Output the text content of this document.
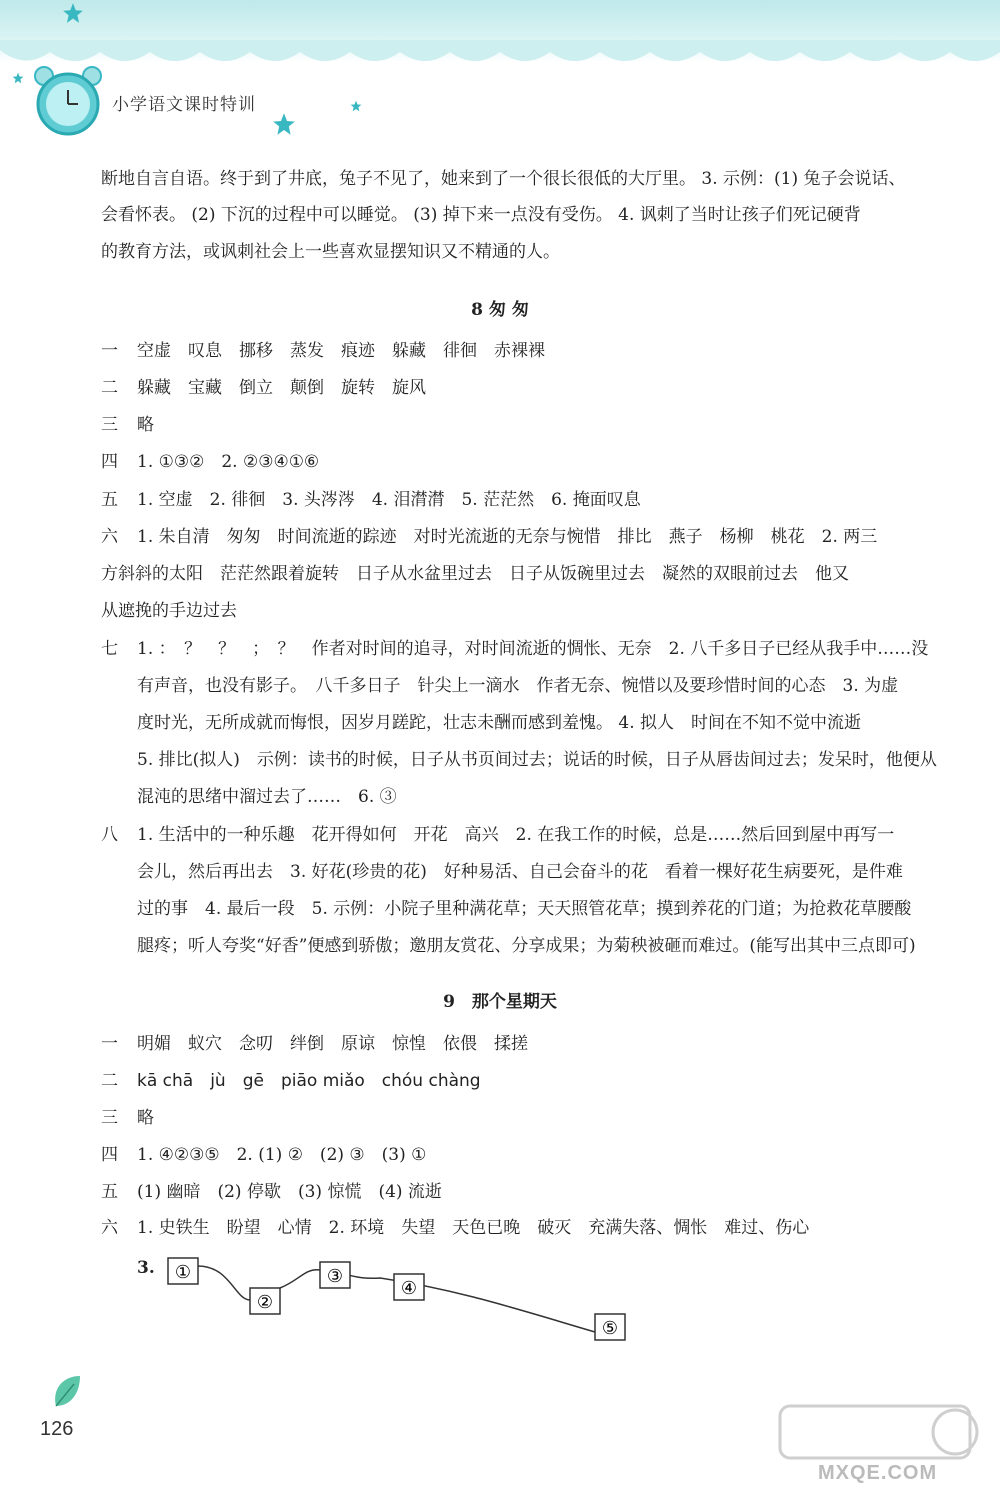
小学语文课时特训
断地自言自语。终于到了井底，兔子不见了，她来到了一个很长很低的大厅里。 3. 示例：(1) 兔子会说话、
会看怀表。 (2) 下沉的过程中可以睡觉。 (3) 掉下来一点没有受伤。 4. 讽刺了当时让孩子们死记硬背
的教育方法，或讽刺社会上一些喜欢显摆知识又不精通的人。
8 匆 匆
一 空虚　叹息　挪移　蒸发　痕迹　躲藏　徘徊　赤裸裸
二 躲藏　宝藏　倒立　颠倒　旋转　旋风
三 略
四 1. ①③②　2. ②③④①⑥
五 1. 空虚　2. 徘徊　3. 头涔涔　4. 泪潸潸　5. 茫茫然　6. 掩面叹息
六 1. 朱自清　匆匆　时间流逝的踪迹　对时光流逝的无奈与惋惜　排比　燕子　杨柳　桃花　2. 两三
方斜斜的太阳　茫茫然跟着旋转　日子从水盆里过去　日子从饭碗里过去　凝然的双眼前过去　他又
从遮挽的手边过去
七 1. ：　？　？　；　？　作者对时间的追寻，对时间流逝的惆怅、无奈　2. 八千多日子已经从我手中……没
有声音，也没有影子。　八千多日子　针尖上一滴水　作者无奈、惋惜以及要珍惜时间的心态　3. 为虚
度时光，无所成就而悔恨，因岁月蹉跎，壮志未酬而感到羞愧。 4. 拟人　时间在不知不觉中流逝
5. 排比(拟人)　示例：读书的时候，日子从书页间过去；说话的时候，日子从唇齿间过去；发呆时，他便从
混沌的思绪中溜过去了……　6. ③
八 1. 生活中的一种乐趣　花开得如何　开花　高兴　2. 在我工作的时候，总是……然后回到屋中再写一
会儿，然后再出去　3. 好花(珍贵的花)　好种易活、自己会奋斗的花　看着一棵好花生病要死，是件难
过的事　4. 最后一段　5. 示例：小院子里种满花草；天天照管花草；摸到养花的门道；为抢救花草腰酸
腿疼；听人夸奖“好香”便感到骄傲；邀朋友赏花、分享成果；为菊秧被砸而难过。(能写出其中三点即可)
9　那个星期天
一 明媚　蚁穴　念叨　绊倒　原谅　惊惶　依偎　揉搓
二 kā chā　jù　gē　piāo miǎo　chóu chàng
三 略
四 1. ④②③⑤　2. (1) ②　(2) ③　(3) ①
五 (1) 幽暗　(2) 停歇　(3) 惊慌　(4) 流逝
六 1. 史铁生　盼望　心情　2. 环境　失望　天色已晚　破灭　充满失落、惆怅　难过、伤心
3. ①
②
③
④
⑤
126
MXQE.COM
